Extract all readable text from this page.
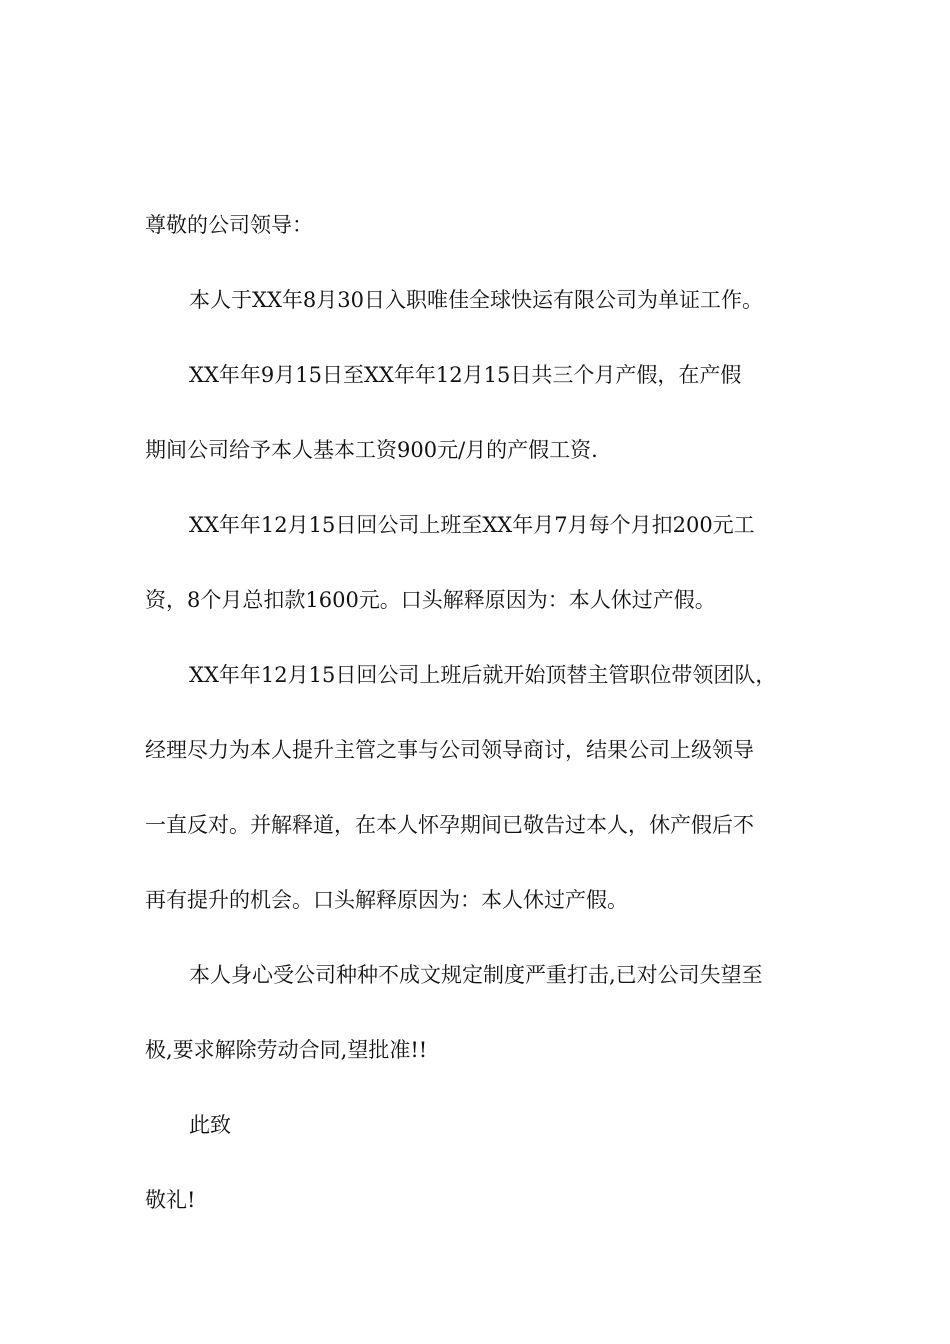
尊敬的公司领导：
本人于XX年8月30日入职唯佳全球快运有限公司为单证工作。
XX年年9月15日至XX年年12月15日共三个月产假，在产假
期间公司给予本人基本工资900元/月的产假工资.
XX年年12月15日回公司上班至XX年月7月每个月扣200元工
资，8个月总扣款1600元。口头解释原因为：本人休过产假。
XX年年12月15日回公司上班后就开始顶替主管职位带领团队，
经理尽力为本人提升主管之事与公司领导商讨，结果公司上级领导
一直反对。并解释道，在本人怀孕期间已敬告过本人，休产假后不
再有提升的机会。口头解释原因为：本人休过产假。
本人身心受公司种种不成文规定制度严重打击,已对公司失望至
极,要求解除劳动合同,望批准!!
此致
敬礼!
